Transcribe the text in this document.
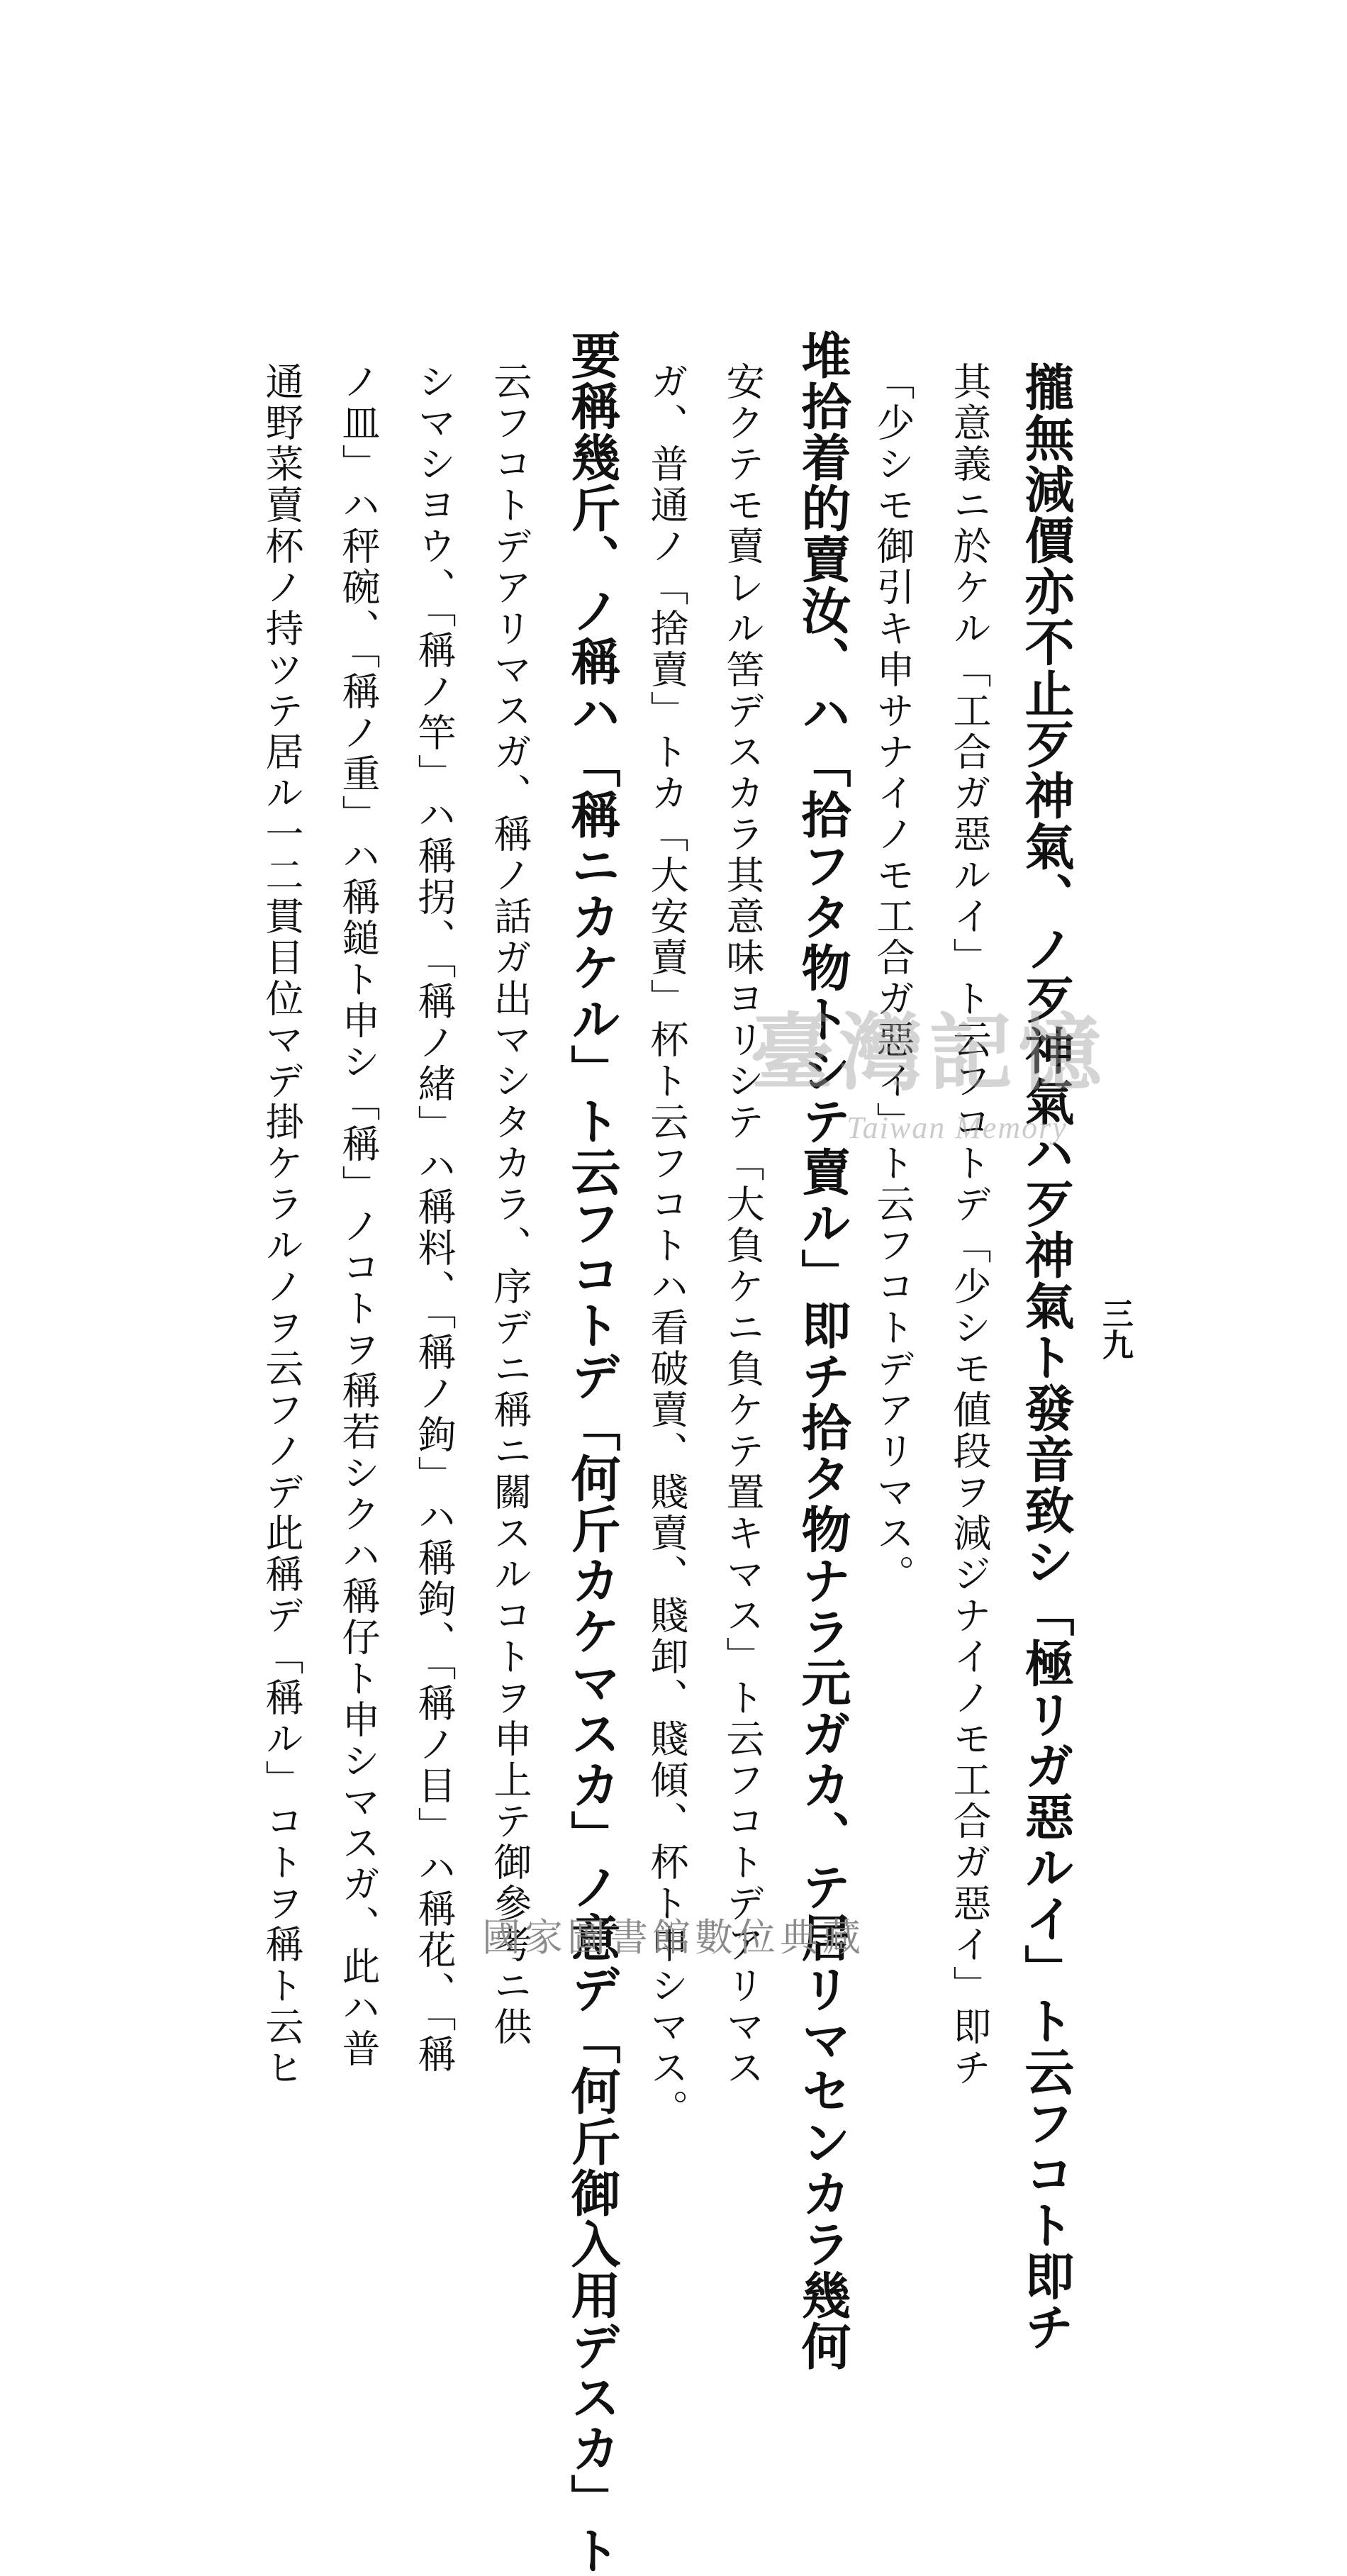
三九
攏無減價亦不止歹神氣、ノ歹神氣ハ歹神氣ト發音致シ「極リガ惡ルイ」ト云フコト即チ
其意義ニ於ケル「工合ガ惡ルイ」ト云フコトデ「少シモ値段ヲ減ジナイノモ工合ガ惡イ」即チ
「少シモ御引キ申サナイノモ工合ガ惡イ」ト云フコトデアリマス。
堆拾着的賣汝、ハ「拾フタ物トシテ賣ル」即チ拾タ物ナラ元ガカ、テ居リマセンカラ幾何
安クテモ賣レル筈デスカラ其意味ヨリシテ「大負ケニ負ケテ置キマス」ト云フコトデアリマス
ガ、普通ノ「捨賣」トカ「大安賣」杯ト云フコトハ看破賣、賤賣、賤卸、賤傾、杯ト申シマス。
要稱幾斤、ノ稱ハ「稱ニカケル」ト云フコトデ「何斤カケマスカ」ノ意デ「何斤御入用デスカ」ト
云フコトデアリマスガ、稱ノ話ガ出マシタカラ、序デニ稱ニ關スルコトヲ申上テ御參考ニ供
シマシヨウ、「稱ノ竿」ハ稱拐、「稱ノ緒」ハ稱料、「稱ノ鉤」ハ稱鉤、「稱ノ目」ハ稱花、「稱
ノ皿」ハ秤碗、「稱ノ重」ハ稱鎚ト申シ「稱」ノコトヲ稱若シクハ稱仔ト申シマスガ、此ハ普
通野菜賣杯ノ持ツテ居ル一二貫目位マデ掛ケラルノヲ云フノデ此稱デ「稱ル」コトヲ稱ト云ヒ	臺灣記憶
Taiwan Memory
國家圖書館數位典藏
